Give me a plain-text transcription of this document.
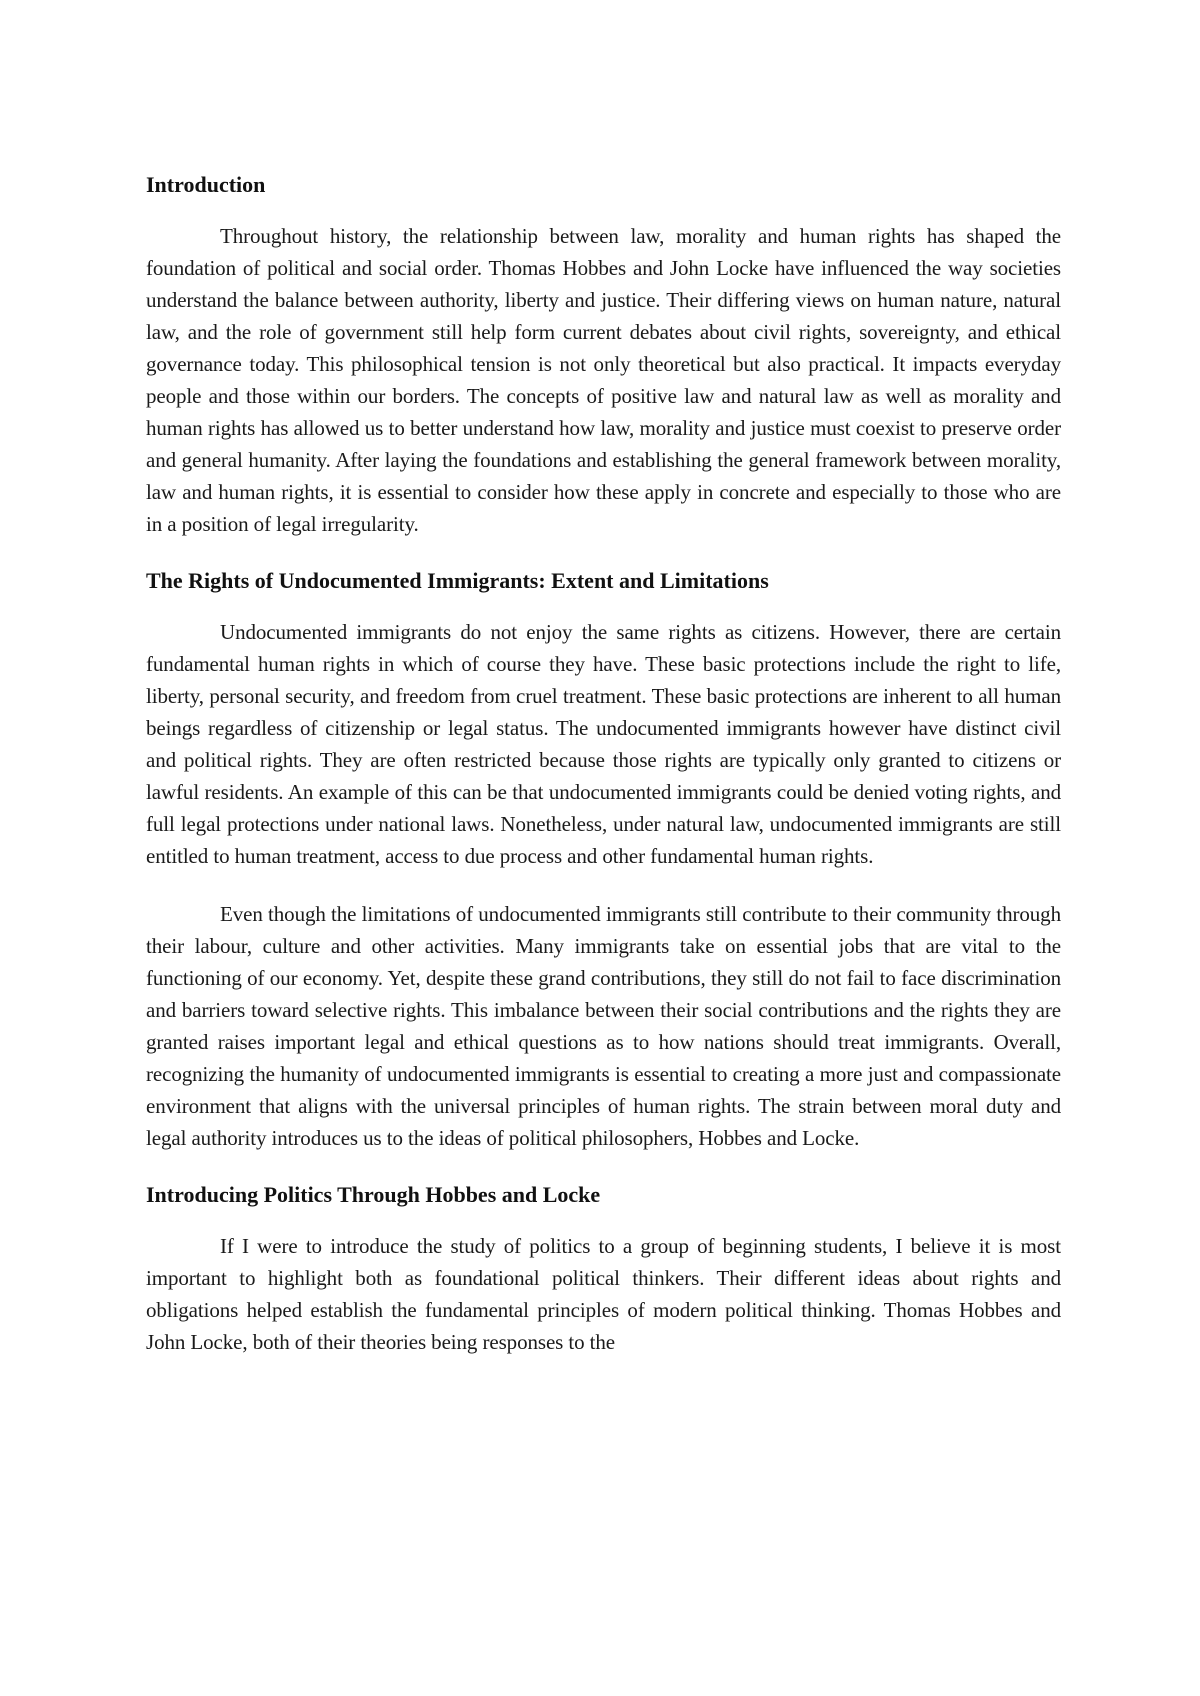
Introduction

Throughout history, the relationship between law, morality and human rights has shaped the foundation of political and social order. Thomas Hobbes and John Locke have influenced the way societies understand the balance between authority, liberty and justice. Their differing views on human nature, natural law, and the role of government still help form current debates about civil rights, sovereignty, and ethical governance today. This philosophical tension is not only theoretical but also practical. It impacts everyday people and those within our borders. The concepts of positive law and natural law as well as morality and human rights has allowed us to better understand how law, morality and justice must coexist to preserve order and general humanity. After laying the foundations and establishing the general framework between morality, law and human rights, it is essential to consider how these apply in concrete and especially to those who are in a position of legal irregularity.

The Rights of Undocumented Immigrants: Extent and Limitations

Undocumented immigrants do not enjoy the same rights as citizens. However, there are certain fundamental human rights in which of course they have. These basic protections include the right to life, liberty, personal security, and freedom from cruel treatment. These basic protections are inherent to all human beings regardless of citizenship or legal status. The undocumented immigrants however have distinct civil and political rights. They are often restricted because those rights are typically only granted to citizens or lawful residents. An example of this can be that undocumented immigrants could be denied voting rights, and full legal protections under national laws. Nonetheless, under natural law, undocumented immigrants are still entitled to human treatment, access to due process and other fundamental human rights.

Even though the limitations of undocumented immigrants still contribute to their community through their labour, culture and other activities. Many immigrants take on essential jobs that are vital to the functioning of our economy. Yet, despite these grand contributions, they still do not fail to face discrimination and barriers toward selective rights. This imbalance between their social contributions and the rights they are granted raises important legal and ethical questions as to how nations should treat immigrants. Overall, recognizing the humanity of undocumented immigrants is essential to creating a more just and compassionate environment that aligns with the universal principles of human rights. The strain between moral duty and legal authority introduces us to the ideas of political philosophers, Hobbes and Locke.

Introducing Politics Through Hobbes and Locke

If I were to introduce the study of politics to a group of beginning students, I believe it is most important to highlight both as foundational political thinkers. Their different ideas about rights and obligations helped establish the fundamental principles of modern political thinking. Thomas Hobbes and John Locke, both of their theories being responses to the
